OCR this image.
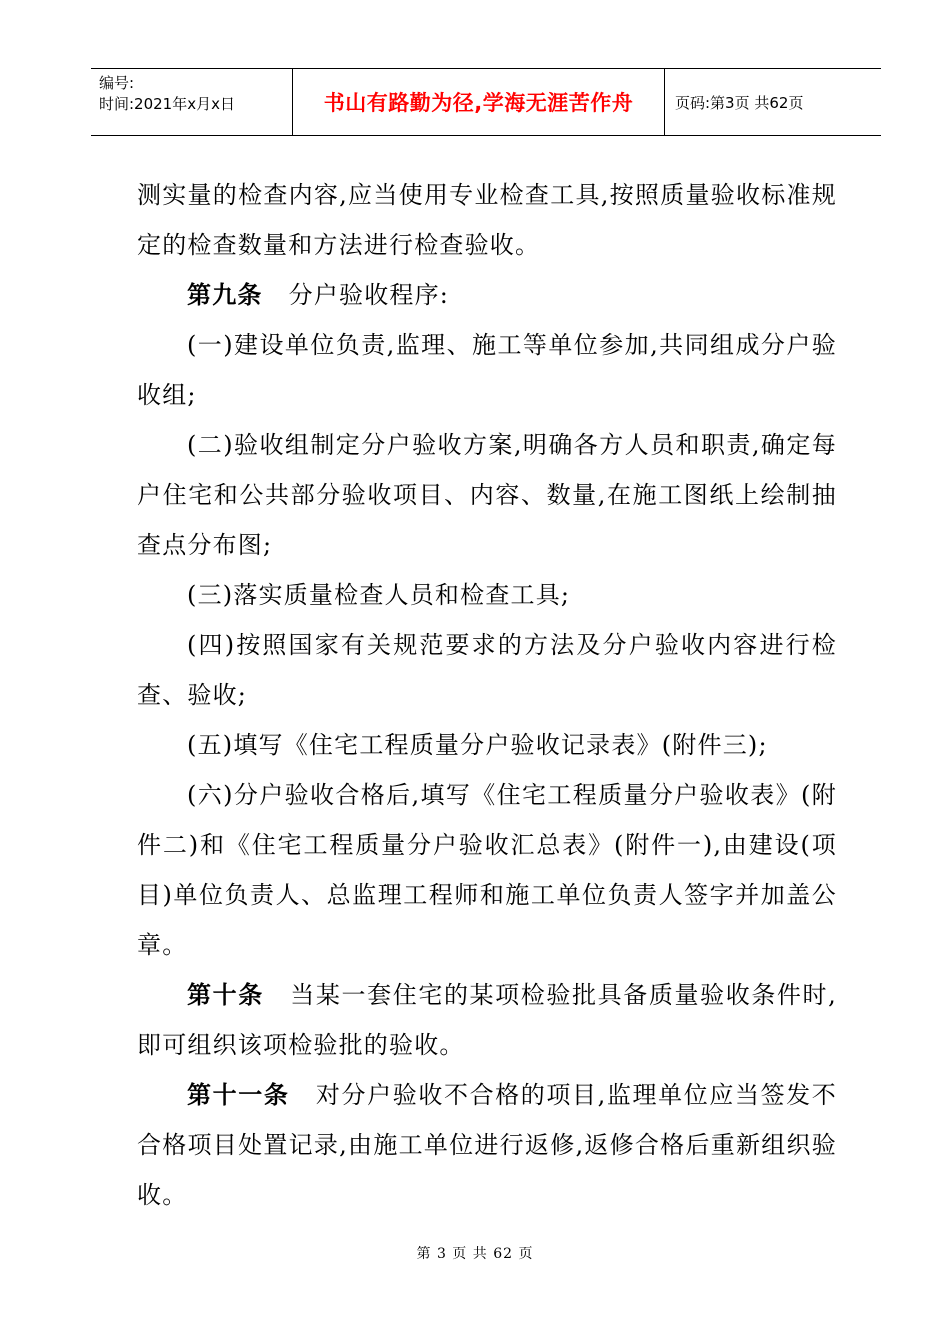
编号:
时间:2021年x月x日	书山有路勤为径,学海无涯苦作舟	页码:第3页 共62页

测实量的检查内容,应当使用专业检查工具,按照质量验收标准规定的检查数量和方法进行检查验收。

第九条 分户验收程序:

(一)建设单位负责,监理、施工等单位参加,共同组成分户验收组;

(二)验收组制定分户验收方案,明确各方人员和职责,确定每户住宅和公共部分验收项目、内容、数量,在施工图纸上绘制抽查点分布图;

(三)落实质量检查人员和检查工具;

(四)按照国家有关规范要求的方法及分户验收内容进行检查、验收;

(五)填写《住宅工程质量分户验收记录表》(附件三);

(六)分户验收合格后,填写《住宅工程质量分户验收表》(附件二)和《住宅工程质量分户验收汇总表》(附件一),由建设(项目)单位负责人、总监理工程师和施工单位负责人签字并加盖公章。

第十条 当某一套住宅的某项检验批具备质量验收条件时,即可组织该项检验批的验收。

第十一条 对分户验收不合格的项目,监理单位应当签发不合格项目处置记录,由施工单位进行返修,返修合格后重新组织验收。

第 3 页 共 62 页
